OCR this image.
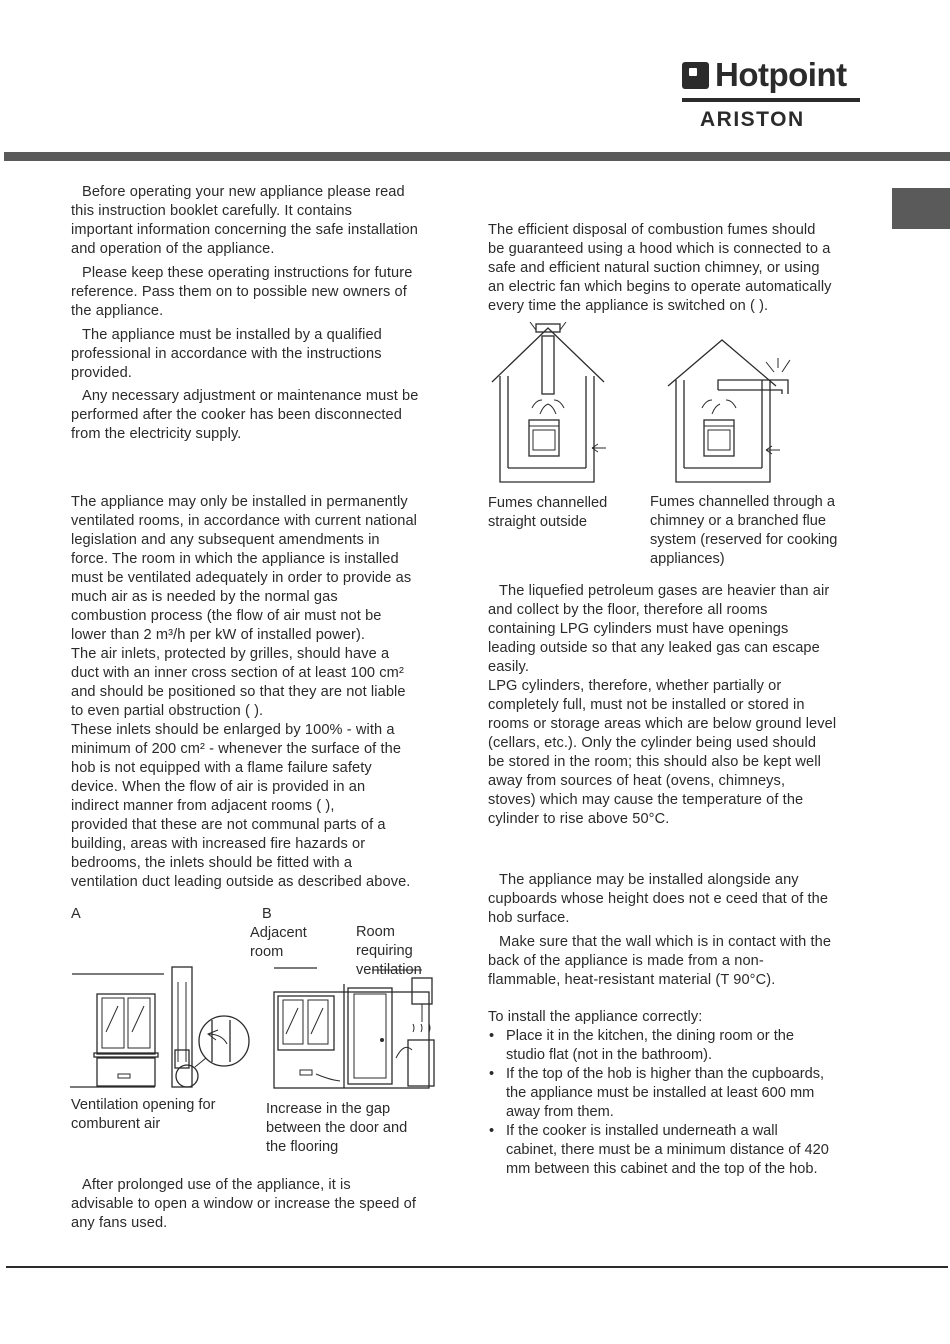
Hotpoint
ARISTON

Before operating your new appliance please read
this instruction booklet carefully. It contains
important information concerning the safe installation
and operation of the appliance.

Please keep these operating instructions for future
reference. Pass them on to possible new owners of
the appliance.

The appliance must be installed by a qualified
professional in accordance with the instructions
provided.

Any necessary adjustment or maintenance must be
performed after the cooker has been disconnected
from the electricity supply.

The appliance may only be installed in permanently
ventilated rooms, in accordance with current national
legislation and any subsequent amendments in
force. The room in which the appliance is installed
must be ventilated adequately in order to provide as
much air as is needed by the normal gas
combustion process (the flow of air must not be
lower than 2 m³/h per kW of installed power).
The air inlets, protected by grilles, should have a
duct with an inner cross section of at least 100 cm²
and should be positioned so that they are not liable
to even partial obstruction ( ).
These inlets should be enlarged by 100% - with a
minimum of 200 cm² - whenever the surface of the
hob is not equipped with a flame failure safety
device. When the flow of air is provided in an
indirect manner from adjacent rooms ( ),
provided that these are not communal parts of a
building, areas with increased fire hazards or
bedrooms, the inlets should be fitted with a
ventilation duct leading outside as described above.

A	B
Adjacent
room
Room
requiring
ventilation
Ventilation opening for
comburent air
Increase in the gap
between the door and
the flooring

After prolonged use of the appliance, it is
advisable to open a window or increase the speed of
any fans used.

The efficient disposal of combustion fumes should
be guaranteed using a hood which is connected to a
safe and efficient natural suction chimney, or using
an electric fan which begins to operate automatically
every time the appliance is switched on ( ).

Fumes channelled
straight outside
Fumes channelled through a
chimney or a branched flue
system (reserved for cooking
appliances)

The liquefied petroleum gases are heavier than air
and collect by the floor, therefore all rooms
containing LPG cylinders must have openings
leading outside so that any leaked gas can escape
easily.
LPG cylinders, therefore, whether partially or
completely full, must not be installed or stored in
rooms or storage areas which are below ground level
(cellars, etc.). Only the cylinder being used should
be stored in the room; this should also be kept well
away from sources of heat (ovens, chimneys,
stoves) which may cause the temperature of the
cylinder to rise above 50°C.

The appliance may be installed alongside any
cupboards whose height does not e ceed that of the
hob surface.

Make sure that the wall which is in contact with the
back of the appliance is made from a non-
flammable, heat-resistant material (T 90°C).

To install the appliance correctly:

• Place it in the kitchen, the dining room or the
studio flat (not in the bathroom).
• If the top of the hob is higher than the cupboards,
the appliance must be installed at least 600 mm
away from them.
• If the cooker is installed underneath a wall
cabinet, there must be a minimum distance of 420
mm between this cabinet and the top of the hob.
